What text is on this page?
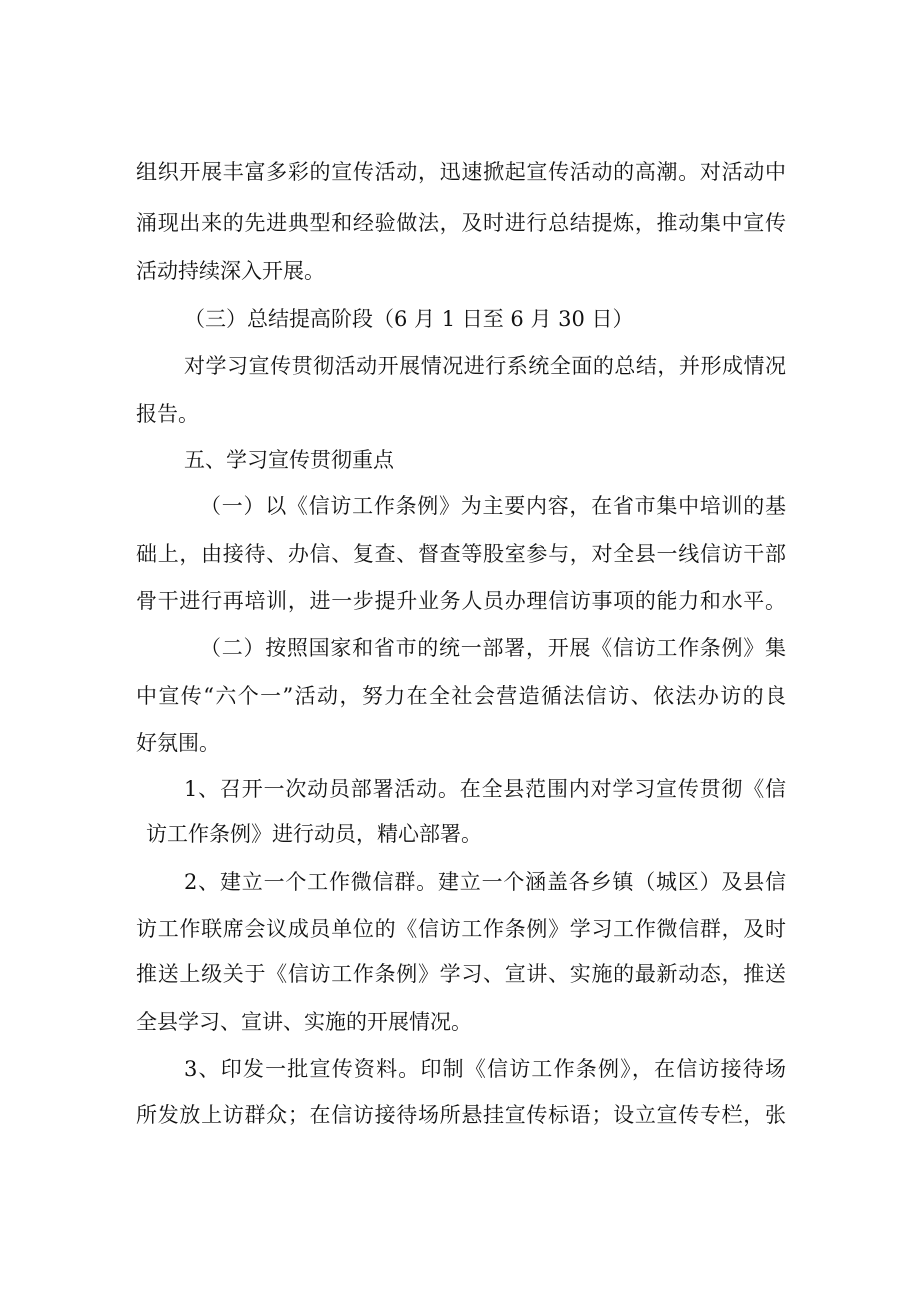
组织开展丰富多彩的宣传活动，迅速掀起宣传活动的高潮。对活动中
涌现出来的先进典型和经验做法，及时进行总结提炼，推动集中宣传
活动持续深入开展。
（三）总结提高阶段（6 月 1 日至 6 月 30 日）
对学习宣传贯彻活动开展情况进行系统全面的总结，并形成情况
报告。
五、学习宣传贯彻重点
（一）以《信访工作条例》为主要内容，在省市集中培训的基
础上，由接待、办信、复查、督查等股室参与，对全县一线信访干部
骨干进行再培训，进一步提升业务人员办理信访事项的能力和水平。
（二）按照国家和省市的统一部署，开展《信访工作条例》集
中宣传“六个一”活动，努力在全社会营造循法信访、依法办访的良
好氛围。
1、召开一次动员部署活动。在全县范围内对学习宣传贯彻《信
访工作条例》进行动员，精心部署。
2、建立一个工作微信群。建立一个涵盖各乡镇（城区）及县信
访工作联席会议成员单位的《信访工作条例》学习工作微信群，及时
推送上级关于《信访工作条例》学习、宣讲、实施的最新动态，推送
全县学习、宣讲、实施的开展情况。
3、印发一批宣传资料。印制《信访工作条例》，在信访接待场
所发放上访群众；在信访接待场所悬挂宣传标语；设立宣传专栏，张
